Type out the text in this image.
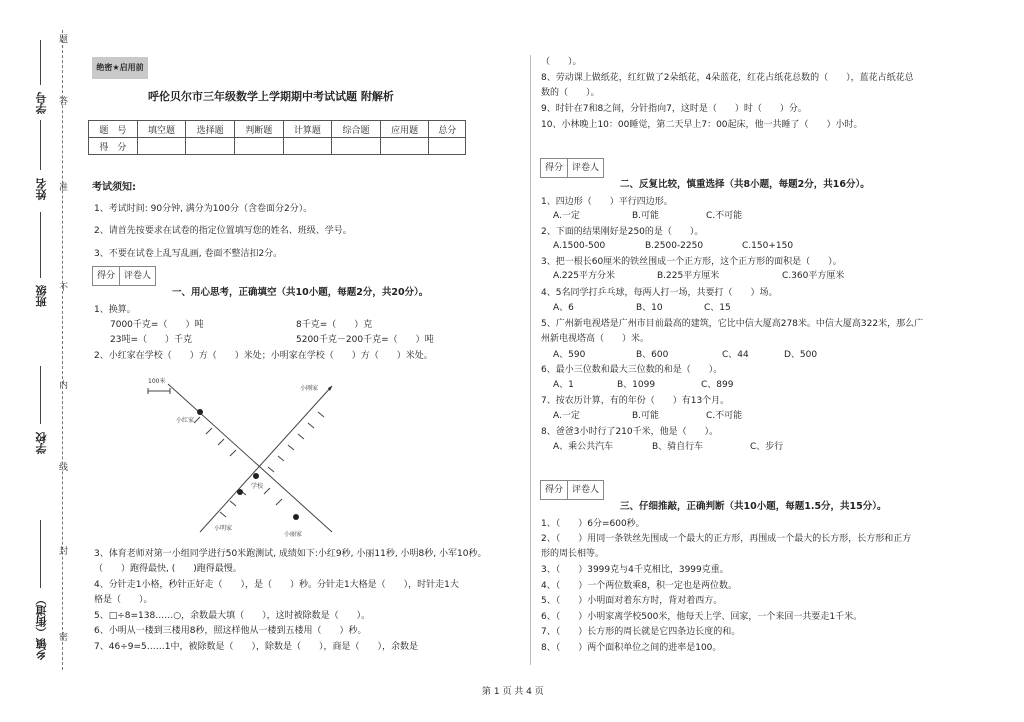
题
学号 答
姓名 准
班级 不
内
学校
线
封
乡镇（街道） 密
绝密★启用前
呼伦贝尔市三年级数学上学期期中考试试题 附解析
题　号	填空题	选择题	判断题	计算题	综合题	应用题	总分
得　分							
考试须知:
1、考试时间: 90分钟, 满分为100分（含卷面分2分）。
2、请首先按要求在试卷的指定位置填写您的姓名、班级、学号。
3、不要在试卷上乱写乱画, 卷面不整洁扣2分。
得分	评卷人
一、用心思考，正确填空（共10小题，每题2分，共20分）。
1、换算。
7000千克=（　　）吨	8千克=（　　）克
23吨=（　　）千克	5200千克－200千克=（　　）吨
2、小红家在学校（　　）方（　　）米处；小明家在学校（　　）方（　　）米处。
100米
小红家
小刚家
学校
小明家
小丽家
3、体育老师对第一小组同学进行50米跑测试, 成绩如下:小红9秒, 小丽11秒, 小明8秒, 小军10秒。
（　　）跑得最快, (　　)跑得最慢。
4、分针走1小格，秒针正好走（　　），是（　　）秒。分针走1大格是（　　），时针走1大
格是（　　）。
5、□÷8=138……○，余数最大填（　　），这时被除数是（　　）。
6、小明从一楼到三楼用8秒，照这样他从一楼到五楼用（　　）秒。
7、46÷9=5……1中，被除数是（　　），除数是（　　），商是（　　），余数是
（　　）。
8、劳动课上做纸花，红红做了2朵纸花，4朵蓝花，红花占纸花总数的（　　），蓝花占纸花总
数的（　　）。
9、时针在7和8之间，分针指向7，这时是（　　）时（　　）分。
10、小林晚上10：00睡觉，第二天早上7：00起床，他一共睡了（　　）小时。
得分	评卷人
二、反复比较，慎重选择（共8小题，每题2分，共16分）。
1、四边形（　　）平行四边形。
A.一定	B.可能	C.不可能
2、下面的结果刚好是250的是（　　）。
A.1500-500	B.2500-2250	C.150+150
3、把一根长60厘米的铁丝围成一个正方形，这个正方形的面积是（　　）。
A.225平方分米	B.225平方厘米	C.360平方厘米
4、5名同学打乒乓球，每两人打一场，共要打（　　）场。
A、6	B、10	C、15
5、广州新电视塔是广州市目前最高的建筑，它比中信大厦高278米。中信大厦高322米，那么广
州新电视塔高（　　）米。
A、590	B、600	C、44	D、500
6、最小三位数和最大三位数的和是（　　）。
A、1	B、1099	C、899
7、按农历计算，有的年份（　　）有13个月。
A.一定	B.可能	C.不可能
8、爸爸3小时行了210千米，他是（　　）。
A、乘公共汽车	B、骑自行车	C、步行
得分	评卷人
三、仔细推敲，正确判断（共10小题，每题1.5分，共15分）。
1、（　　）6分=600秒。
2、（　　）用同一条铁丝先围成一个最大的正方形，再围成一个最大的长方形，长方形和正方
形的周长相等。
3、（　　）3999克与4千克相比，3999克重。
4、（　　）一个两位数乘8，积一定也是两位数。
5、（　　）小明面对着东方时，背对着西方。
6、（　　）小明家离学校500米，他每天上学、回家，一个来回一共要走1千米。
7、（　　）长方形的周长就是它四条边长度的和。
8、（　　）两个面积单位之间的进率是100。
第 1 页 共 4 页
